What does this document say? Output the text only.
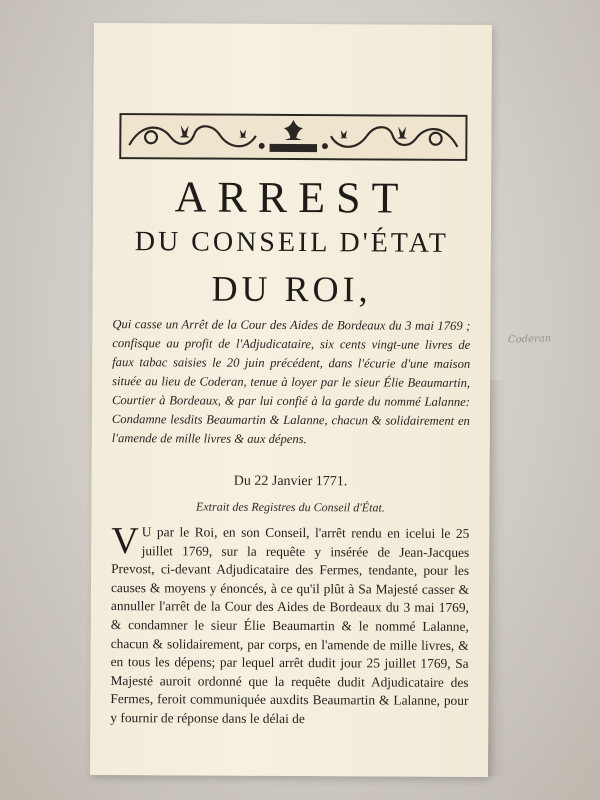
Coderan
ARREST
DU CONSEIL D'ÉTAT
DU ROI,
Qui casse un Arrêt de la Cour des Aides de Bordeaux du 3 mai 1769 ; confisque au profit de l'Adjudicataire, six cents vingt-une livres de faux tabac saisies le 20 juin précédent, dans l'écurie d'une maison située au lieu de Coderan, tenue à loyer par le sieur Élie Beaumartin, Courtier à Bordeaux, & par lui confié à la garde du nommé Lalanne: Condamne lesdits Beaumartin & Lalanne, chacun & solidairement en l'amende de mille livres & aux dépens.
Du 22 Janvier 1771.
Extrait des Registres du Conseil d'État.
V U par le Roi, en son Conseil, l'arrêt rendu en icelui le 25 juillet 1769, sur la requête y insérée de Jean-Jacques Prevost, ci-devant Adjudicataire des Fermes, tendante, pour les causes & moyens y énoncés, à ce qu'il plût à Sa Majesté casser & annuller l'arrêt de la Cour des Aides de Bordeaux du 3 mai 1769, & condamner le sieur Élie Beaumartin & le nommé Lalanne, chacun & solidairement, par corps, en l'amende de mille livres, & en tous les dépens; par lequel arrêt dudit jour 25 juillet 1769, Sa Majesté auroit ordonné que la requête dudit Adjudicataire des Fermes, feroit communiquée auxdits Beaumartin & Lalanne, pour y fournir de réponse dans le délai de
